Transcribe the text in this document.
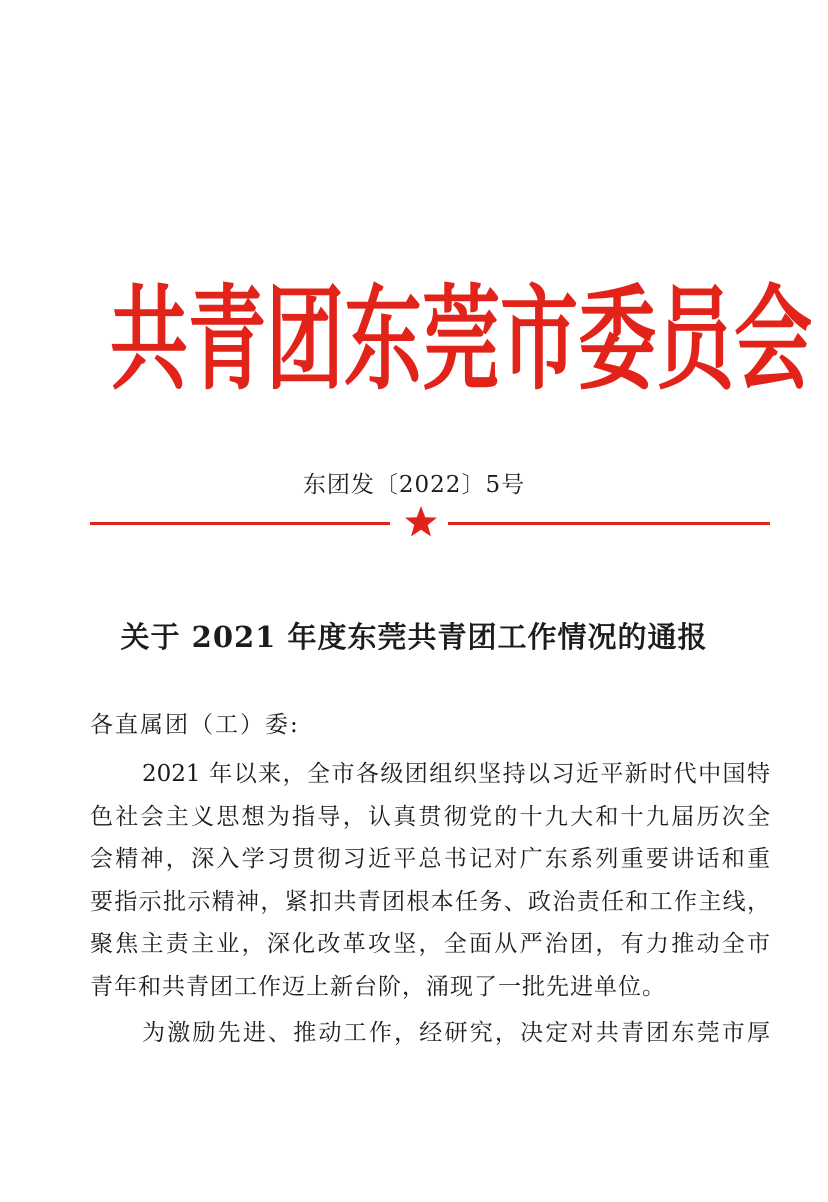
共 青 团 东 莞 市 委 员 会
东团发〔2022〕5号
关于 2021 年度东莞共青团工作情况的通报
各直属团（工）委:
2021 年以来，全市各级团组织坚持以习近平新时代中国特
色社会主义思想为指导，认真贯彻党的十九大和十九届历次全
会精神，深入学习贯彻习近平总书记对广东系列重要讲话和重
要指示批示精神，紧扣共青团根本任务、政治责任和工作主线，
聚焦主责主业，深化改革攻坚，全面从严治团，有力推动全市
青年和共青团工作迈上新台阶，涌现了一批先进单位。
为激励先进、推动工作，经研究，决定对共青团东莞市厚
